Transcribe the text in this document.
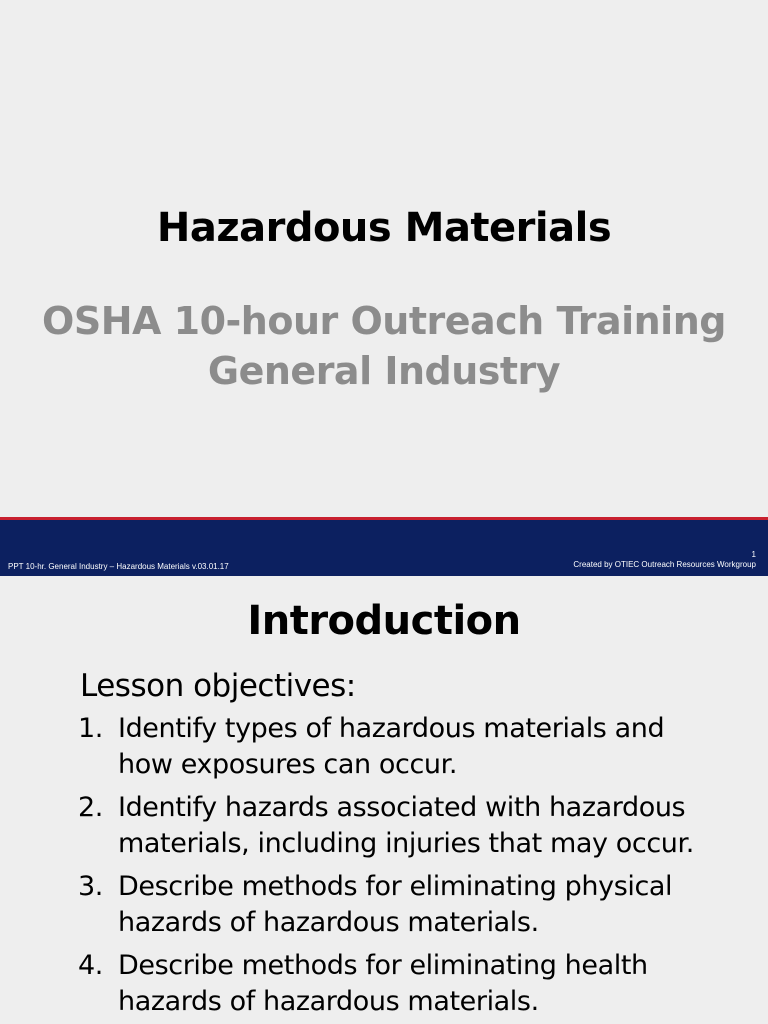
Hazardous Materials
OSHA 10-hour Outreach Training
General Industry
PPT 10-hr. General Industry – Hazardous Materials v.03.01.17
1
Created by OTIEC Outreach Resources Workgroup
Introduction
Lesson objectives:
1. Identify types of hazardous materials and
how exposures can occur.
2. Identify hazards associated with hazardous
materials, including injuries that may occur.
3. Describe methods for eliminating physical
hazards of hazardous materials.
4. Describe methods for eliminating health
hazards of hazardous materials.
